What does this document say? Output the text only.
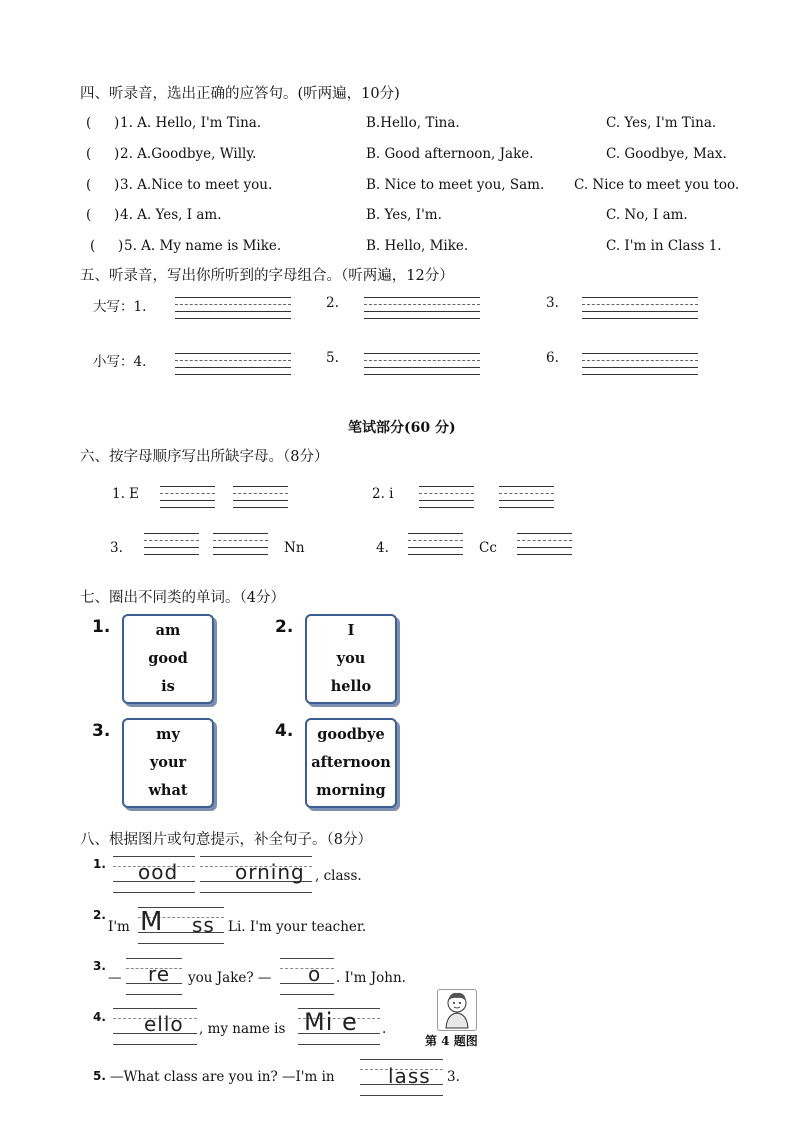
四、听录音，选出正确的应答句。(听两遍，10分)
( ) 1. A. Hello, I'm Tina.	B.Hello, Tina.	C. Yes, I'm Tina.
( ) 2. A.Goodbye, Willy.	B. Good afternoon, Jake.	C. Goodbye, Max.
( ) 3. A.Nice to meet you.	B. Nice to meet you, Sam. C. Nice to meet you too.
( ) 4. A. Yes, I am.	B. Yes, I'm.	C. No, I am.
( ) 5. A. My name is Mike.	B. Hello, Mike.	C. I'm in Class 1.
五、听录音，写出你所听到的字母组合。（听两遍，12分）
大写：1.	2.	3.
小写：4.	5.	6.
笔试部分(60 分)
六、按字母顺序写出所缺字母。（8分）
1. E	2. i
3.	Nn	4.	Cc
七、圈出不同类的单词。（4分）
1.	am
good
is
2.	I
you
hello
3.	my
your
what
4.	goodbye
afternoon
morning
八、根据图片或句意提示，补全句子。（8分）
1. ood	orning , class.
2.
I'm M ss Li. I'm your teacher.
3.
— re you Jake? — o . I'm John.
4. ello , my name is Mi e .
第 4 题图
5. —What class are you in? —I'm in	lass 3.
